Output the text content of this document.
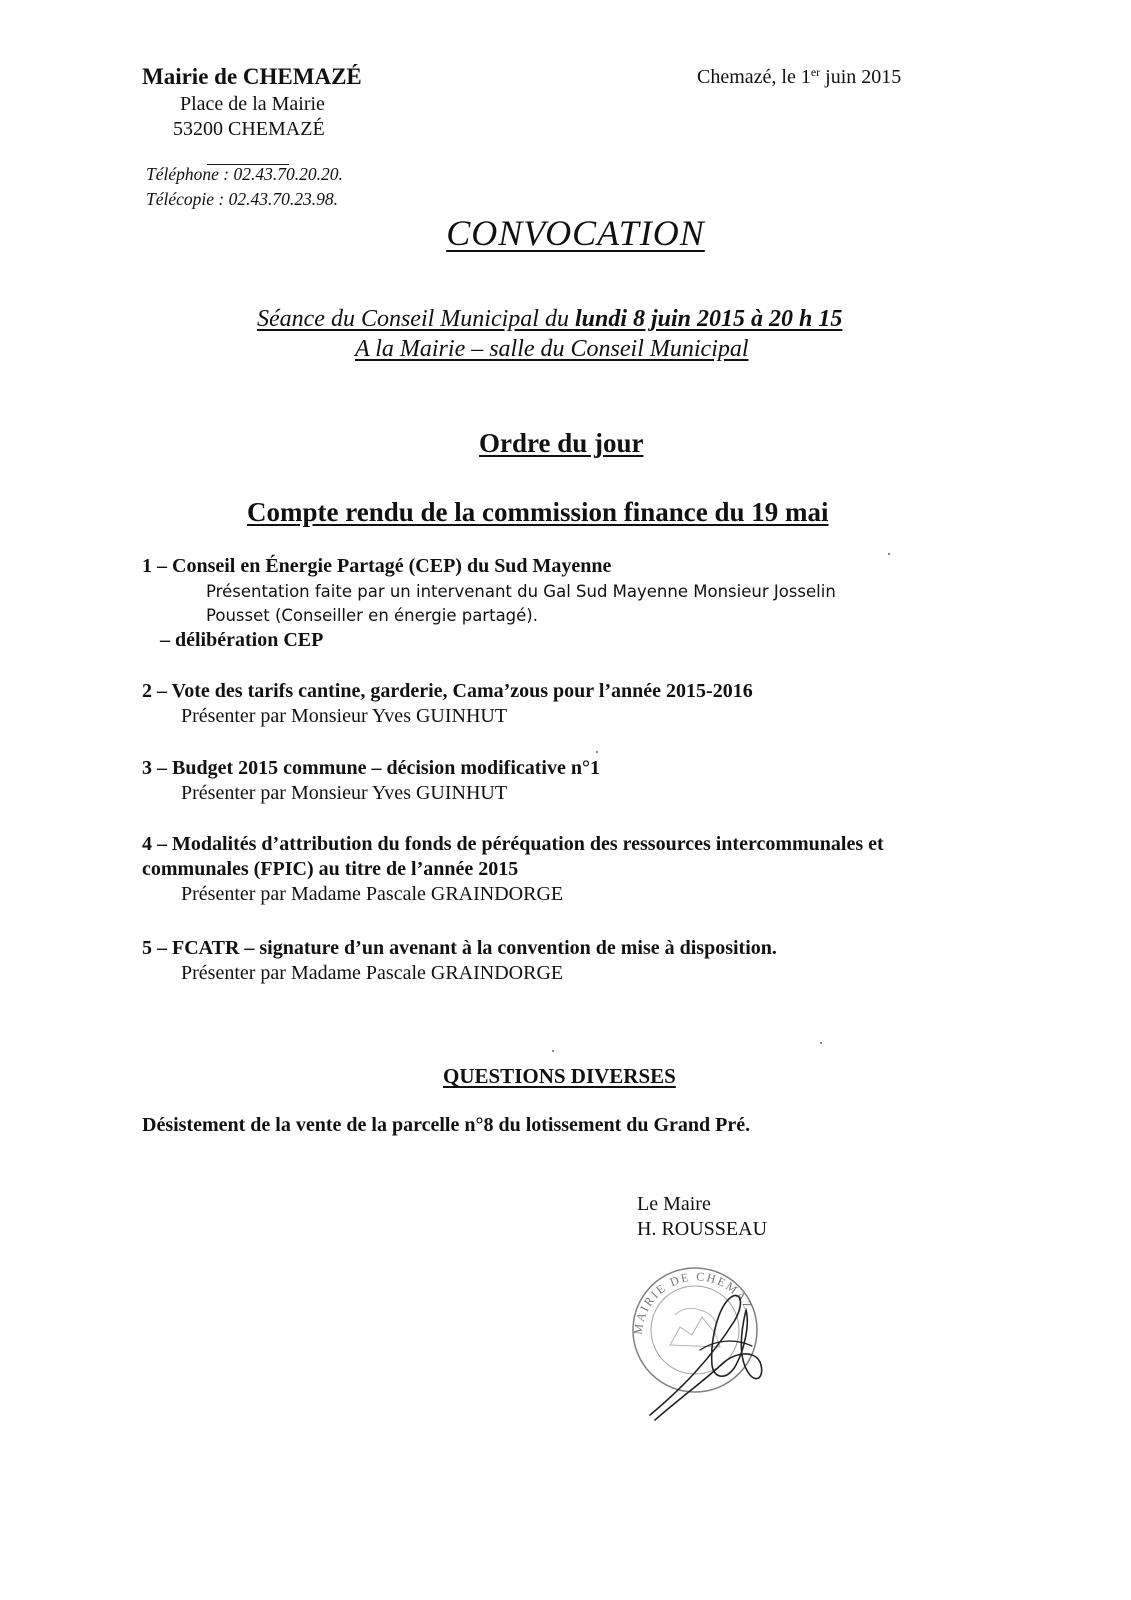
Mairie de CHEMAZÉ
Place de la Mairie
53200 CHEMAZÉ
Téléphone : 02.43.70.20.20.
Télécopie : 02.43.70.23.98.
Chemazé, le 1er juin 2015
CONVOCATION
Séance du Conseil Municipal du lundi 8 juin 2015 à 20 h 15
A la Mairie – salle du Conseil Municipal
Ordre du jour
Compte rendu de la commission finance du 19 mai
1 – Conseil en Énergie Partagé (CEP) du Sud Mayenne
Présentation faite par un intervenant du Gal Sud Mayenne Monsieur Josselin
Pousset (Conseiller en énergie partagé).
– délibération CEP
2 – Vote des tarifs cantine, garderie, Cama’zous pour l’année 2015-2016
Présenter par Monsieur Yves GUINHUT
3 – Budget 2015 commune – décision modificative n°1
Présenter par Monsieur Yves GUINHUT
4 – Modalités d’attribution du fonds de péréquation des ressources intercommunales et
communales (FPIC) au titre de l’année 2015
Présenter par Madame Pascale GRAINDORGE
5 – FCATR – signature d’un avenant à la convention de mise à disposition.
Présenter par Madame Pascale GRAINDORGE
QUESTIONS DIVERSES
Désistement de la vente de la parcelle n°8 du lotissement du Grand Pré.
Le Maire
H. ROUSSEAU
MAIRIE DE CHEMAZE
